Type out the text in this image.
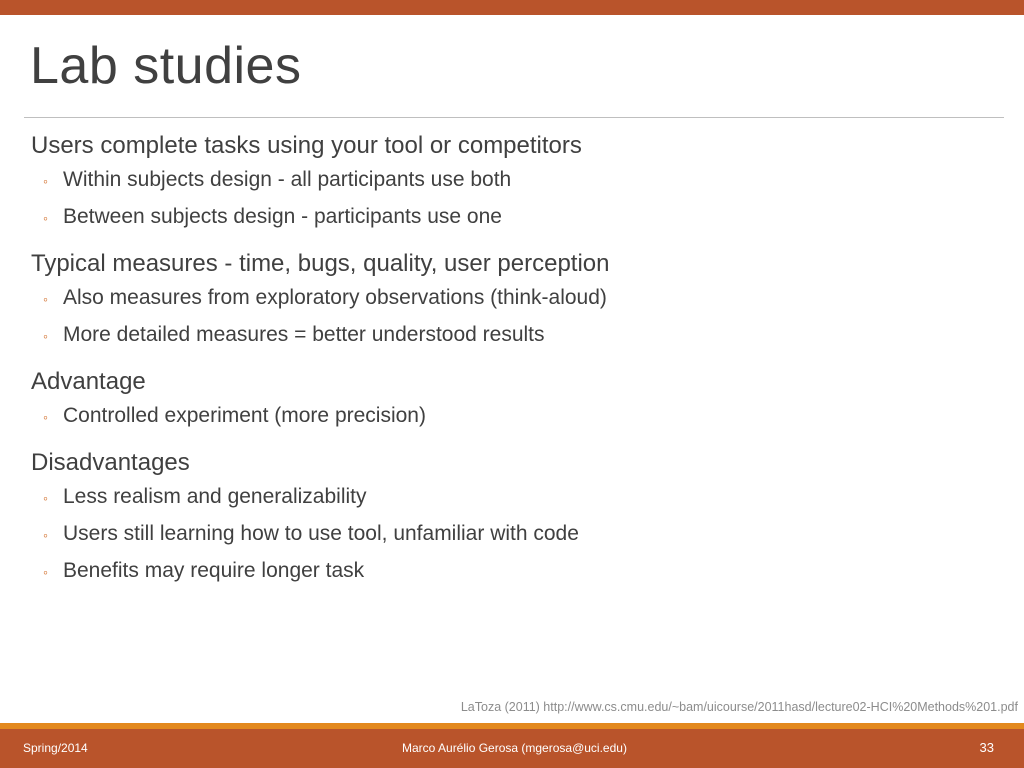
Lab studies

Users complete tasks using your tool or competitors

◦ Within subjects design - all participants use both
◦ Between subjects design - participants use one

Typical measures - time, bugs, quality, user perception

◦ Also measures from exploratory observations (think-aloud)
◦ More detailed measures = better understood results

Advantage

◦ Controlled experiment (more precision)

Disadvantages

◦ Less realism and generalizability
◦ Users still learning how to use tool, unfamiliar with code
◦ Benefits may require longer task
LaToza (2011) http://www.cs.cmu.edu/~bam/uicourse/2011hasd/lecture02-HCI%20Methods%201.pdf
Spring/2014	Marco Aurélio Gerosa (mgerosa@uci.edu)	33
